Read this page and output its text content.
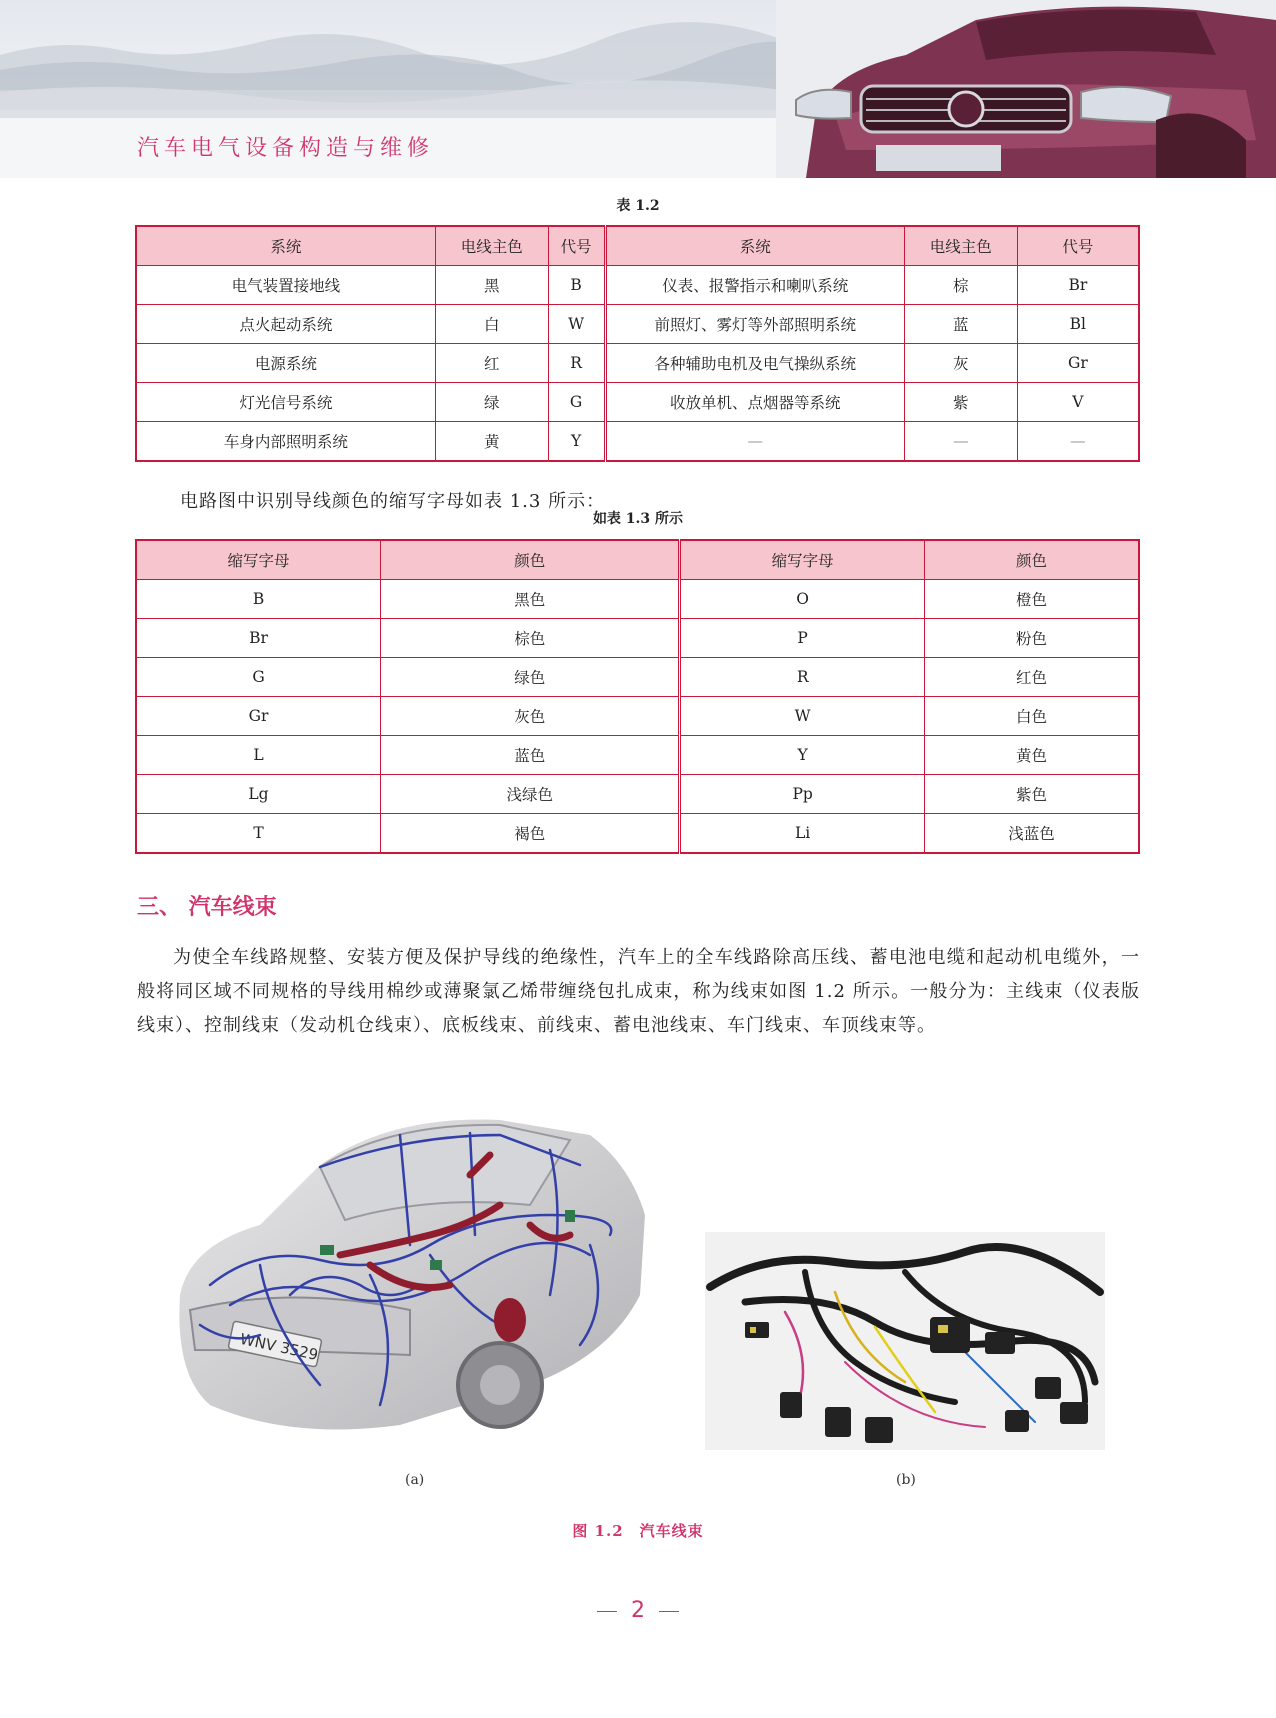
汽车电气设备构造与维修
表 1.2
系统	电线主色	代号	系统	电线主色	代号
电气装置接地线	黑	B	仪表、报警指示和喇叭系统	棕	Br
点火起动系统	白	W	前照灯、雾灯等外部照明系统	蓝	Bl
电源系统	红	R	各种辅助电机及电气操纵系统	灰	Gr
灯光信号系统	绿	G	收放单机、点烟器等系统	紫	V
车身内部照明系统	黄	Y	—	—	—
电路图中识别导线颜色的缩写字母如表 1.3 所示：
如表 1.3 所示
缩写字母	颜色	缩写字母	颜色
B	黑色	O	橙色
Br	棕色	P	粉色
G	绿色	R	红色
Gr	灰色	W	白色
L	蓝色	Y	黄色
Lg	浅绿色	Pp	紫色
T	褐色	Li	浅蓝色
三、 汽车线束
为使全车线路规整、安装方便及保护导线的绝缘性，汽车上的全车线路除高压线、蓄电池电缆和起动机电缆外，一般将同区域不同规格的导线用棉纱或薄聚氯乙烯带缠绕包扎成束，称为线束如图 1.2 所示。一般分为：主线束（仪表版线束）、控制线束（发动机仓线束）、底板线束、前线束、蓄电池线束、车门线束、车顶线束等。
WNV 3529
(a)	(b)
图 1.2　汽车线束
2
